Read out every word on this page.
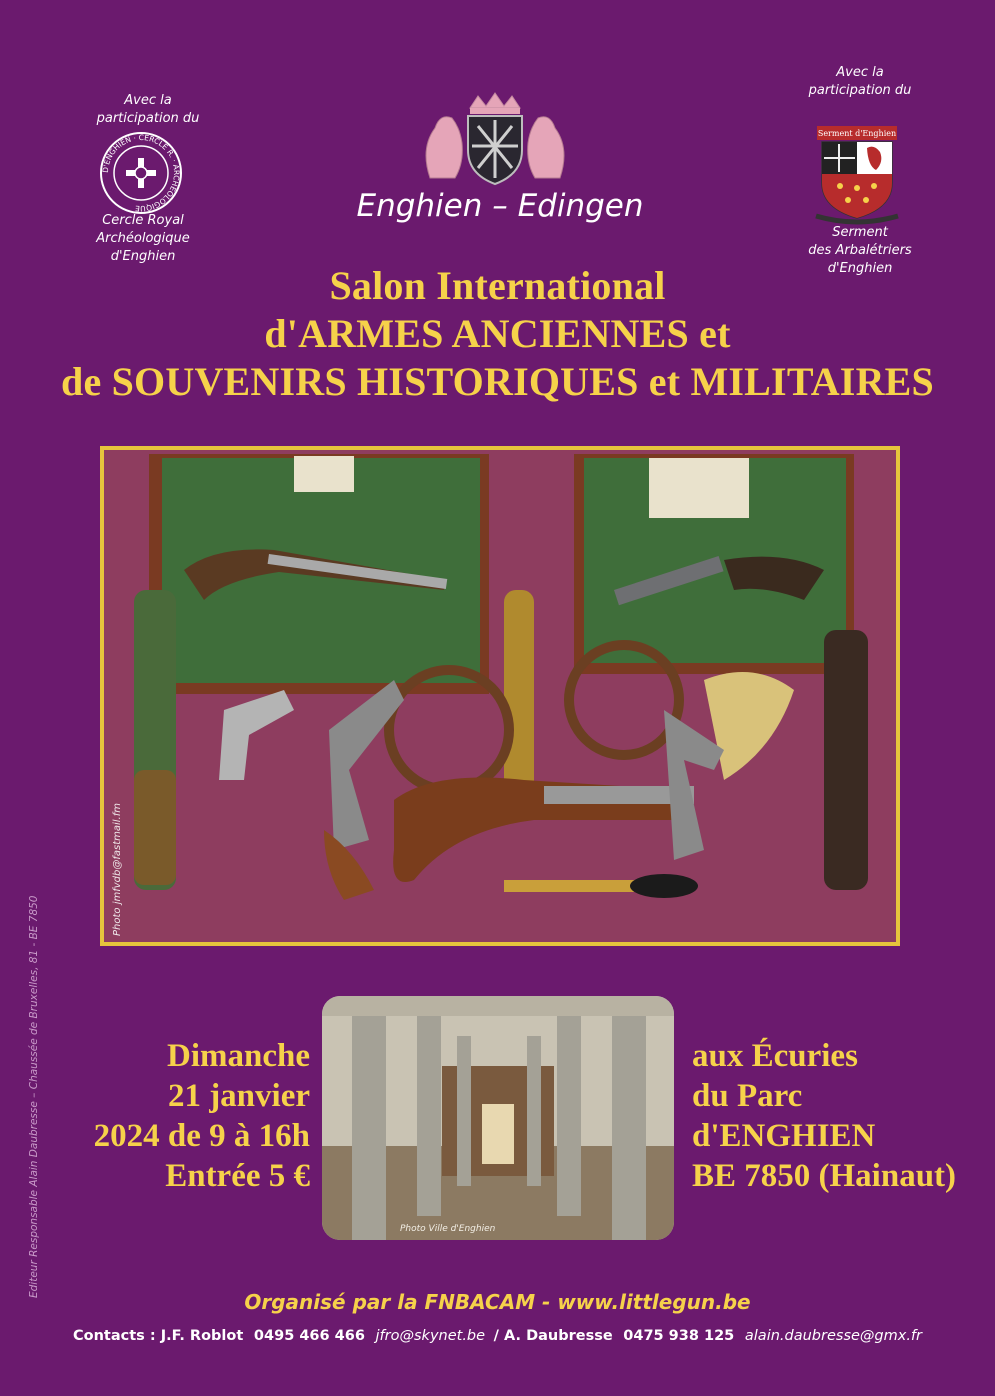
Avec la
participation du
D'ENGHIEN · CERCLE R. · ARCHÉOLOGIQUE
Cercle Royal
Archéologique
d'Enghien
Enghien – Edingen
Avec la
participation du
Serment d'Enghien
Serment
des Arbalétriers
d'Enghien
Salon International
d'ARMES ANCIENNES et
de SOUVENIRS HISTORIQUES et MILITAIRES
Photo jmfvdb@fastmail.fm
Editeur Responsable Alain Daubresse – Chaussée de Bruxelles, 81 - BE 7850	Dimanche
21 janvier
2024 de 9 à 16h
Entrée 5 €
Photo Ville d'Enghien
aux Écuries
du Parc
d'ENGHIEN
BE 7850 (Hainaut)
Organisé par la FNBACAM - www.littlegun.be
Contacts : J.F. Roblot 0495 466 466 jfro@skynet.be / A. Daubresse 0475 938 125 alain.daubresse@gmx.fr
